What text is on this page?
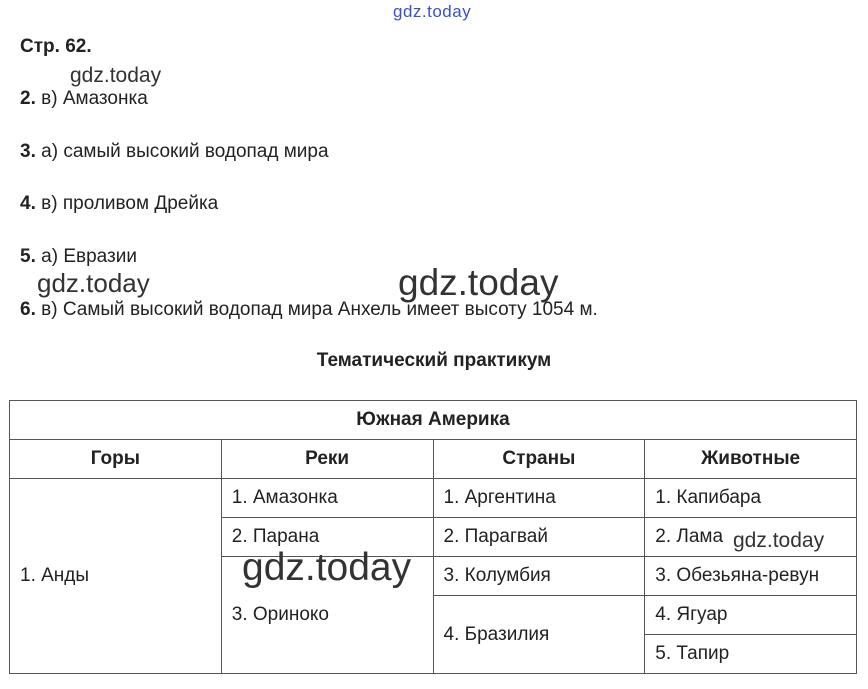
gdz.today
Стр. 62.
2. в) Амазонка
3. а) самый высокий водопад мира
4. в) проливом Дрейка
5. а) Евразии
6. в) Самый высокий водопад мира Анхель имеет высоту 1054 м.
Тематический практикум
Южная Америка			
Горы	Реки	Страны	Животные
1. Анды	1. Амазонка	1. Аргентина	1. Капибара
	2. Парана	2. Парагвай	2. Лама
	3. Ориноко	3. Колумбия	3. Обезьяна-ревун
		4. Бразилия	4. Ягуар
			5. Тапир
gdz.today
gdz.today	gdz.today
gdz.today
gdz.today
